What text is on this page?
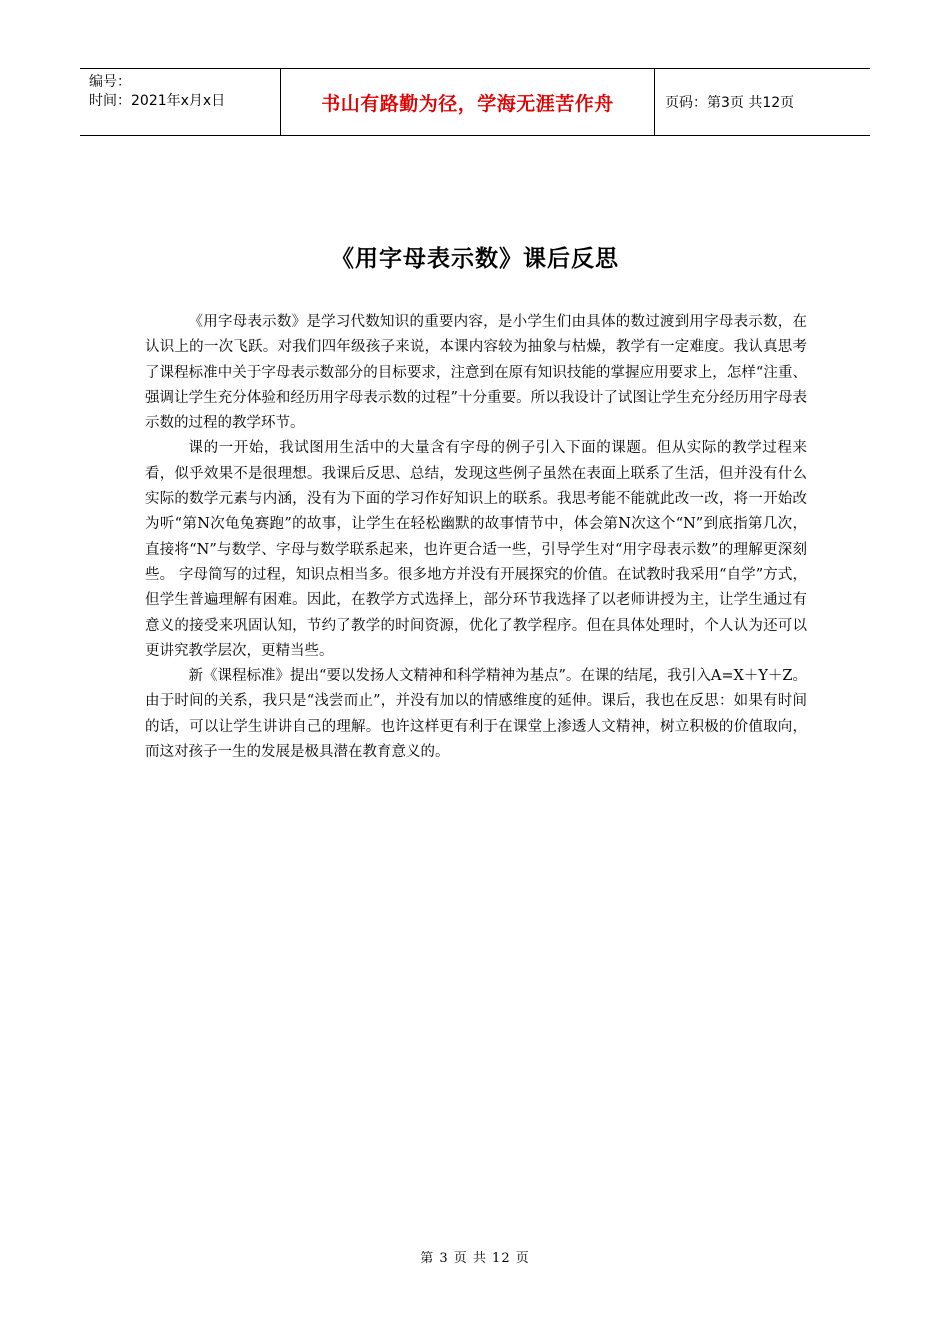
编号：
时间：2021年x月x日	书山有路勤为径，学海无涯苦作舟	页码：第3页 共12页
《用字母表示数》课后反思

《用字母表示数》是学习代数知识的重要内容，是小学生们由具体的数过渡到用字母表示数，在认识上的一次飞跃。对我们四年级孩子来说，本课内容较为抽象与枯燥，教学有一定难度。我认真思考了课程标准中关于字母表示数部分的目标要求，注意到在原有知识技能的掌握应用要求上，怎样“注重、强调让学生充分体验和经历用字母表示数的过程”十分重要。所以我设计了试图让学生充分经历用字母表示数的过程的教学环节。

课的一开始，我试图用生活中的大量含有字母的例子引入下面的课题。但从实际的教学过程来看，似乎效果不是很理想。我课后反思、总结，发现这些例子虽然在表面上联系了生活，但并没有什么实际的数学元素与内涵，没有为下面的学习作好知识上的联系。我思考能不能就此改一改，将一开始改为听“第N次龟兔赛跑”的故事，让学生在轻松幽默的故事情节中，体会第N次这个“N”到底指第几次，直接将“N”与数学、字母与数学联系起来，也许更合适一些，引导学生对“用字母表示数”的理解更深刻些。 字母简写的过程，知识点相当多。很多地方并没有开展探究的价值。在试教时我采用“自学”方式，但学生普遍理解有困难。因此，在教学方式选择上，部分环节我选择了以老师讲授为主，让学生通过有意义的接受来巩固认知，节约了教学的时间资源，优化了教学程序。但在具体处理时，个人认为还可以更讲究教学层次，更精当些。

新《课程标准》提出“要以发扬人文精神和科学精神为基点”。在课的结尾，我引入A=X＋Y＋Z。由于时间的关系，我只是“浅尝而止”，并没有加以的情感维度的延伸。课后，我也在反思：如果有时间的话，可以让学生讲讲自己的理解。也许这样更有利于在课堂上渗透人文精神，树立积极的价值取向，而这对孩子一生的发展是极具潜在教育意义的。

第 3 页 共 12 页
